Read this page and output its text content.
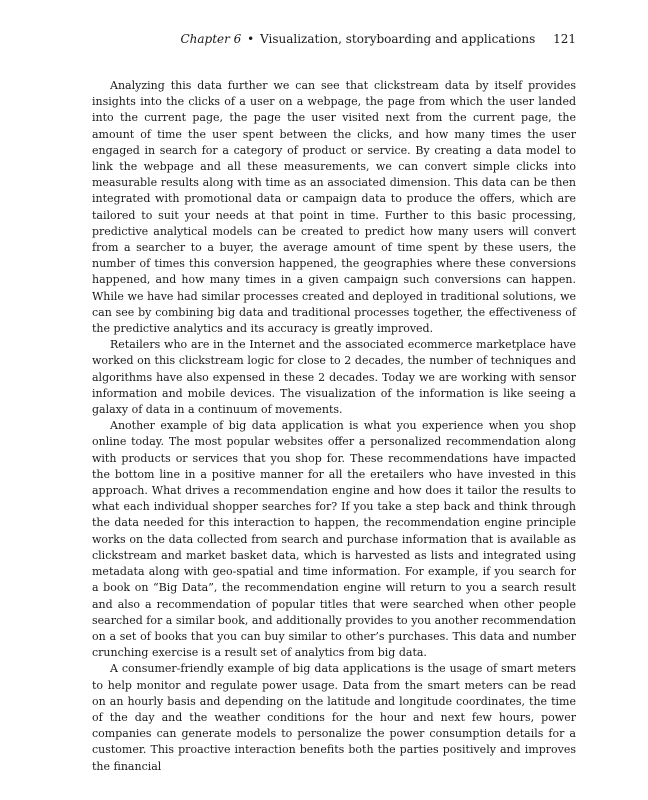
Chapter 6 • Visualization, storyboarding and applications 121

Analyzing this data further we can see that clickstream data by itself provides insights into the clicks of a user on a webpage, the page from which the user landed into the current page, the page the user visited next from the current page, the amount of time the user spent between the clicks, and how many times the user engaged in search for a category of product or service. By creating a data model to link the webpage and all these measurements, we can convert simple clicks into measurable results along with time as an associated dimension. This data can be then integrated with promotional data or campaign data to produce the offers, which are tailored to suit your needs at that point in time. Further to this basic processing, predictive analytical models can be created to predict how many users will convert from a searcher to a buyer, the average amount of time spent by these users, the number of times this conversion happened, the geographies where these conversions happened, and how many times in a given campaign such conversions can happen. While we have had similar processes created and deployed in traditional solutions, we can see by combining big data and traditional processes together, the effectiveness of the predictive analytics and its accuracy is greatly improved.

Retailers who are in the Internet and the associated ecommerce marketplace have worked on this clickstream logic for close to 2 decades, the number of techniques and algorithms have also expensed in these 2 decades. Today we are working with sensor information and mobile devices. The visualization of the information is like seeing a galaxy of data in a continuum of movements.

Another example of big data application is what you experience when you shop online today. The most popular websites offer a personalized recommendation along with products or services that you shop for. These recommendations have impacted the bottom line in a positive manner for all the eretailers who have invested in this approach. What drives a recommendation engine and how does it tailor the results to what each individual shopper searches for? If you take a step back and think through the data needed for this interaction to happen, the recommendation engine principle works on the data collected from search and purchase information that is available as clickstream and market basket data, which is harvested as lists and integrated using metadata along with geo-spatial and time information. For example, if you search for a book on “Big Data”, the recommendation engine will return to you a search result and also a recommendation of popular titles that were searched when other people searched for a similar book, and additionally provides to you another recommendation on a set of books that you can buy similar to other’s purchases. This data and number crunching exercise is a result set of analytics from big data.

A consumer-friendly example of big data applications is the usage of smart meters to help monitor and regulate power usage. Data from the smart meters can be read on an hourly basis and depending on the latitude and longitude coordinates, the time of the day and the weather conditions for the hour and next few hours, power companies can generate models to personalize the power consumption details for a customer. This proactive interaction benefits both the parties positively and improves the financial
